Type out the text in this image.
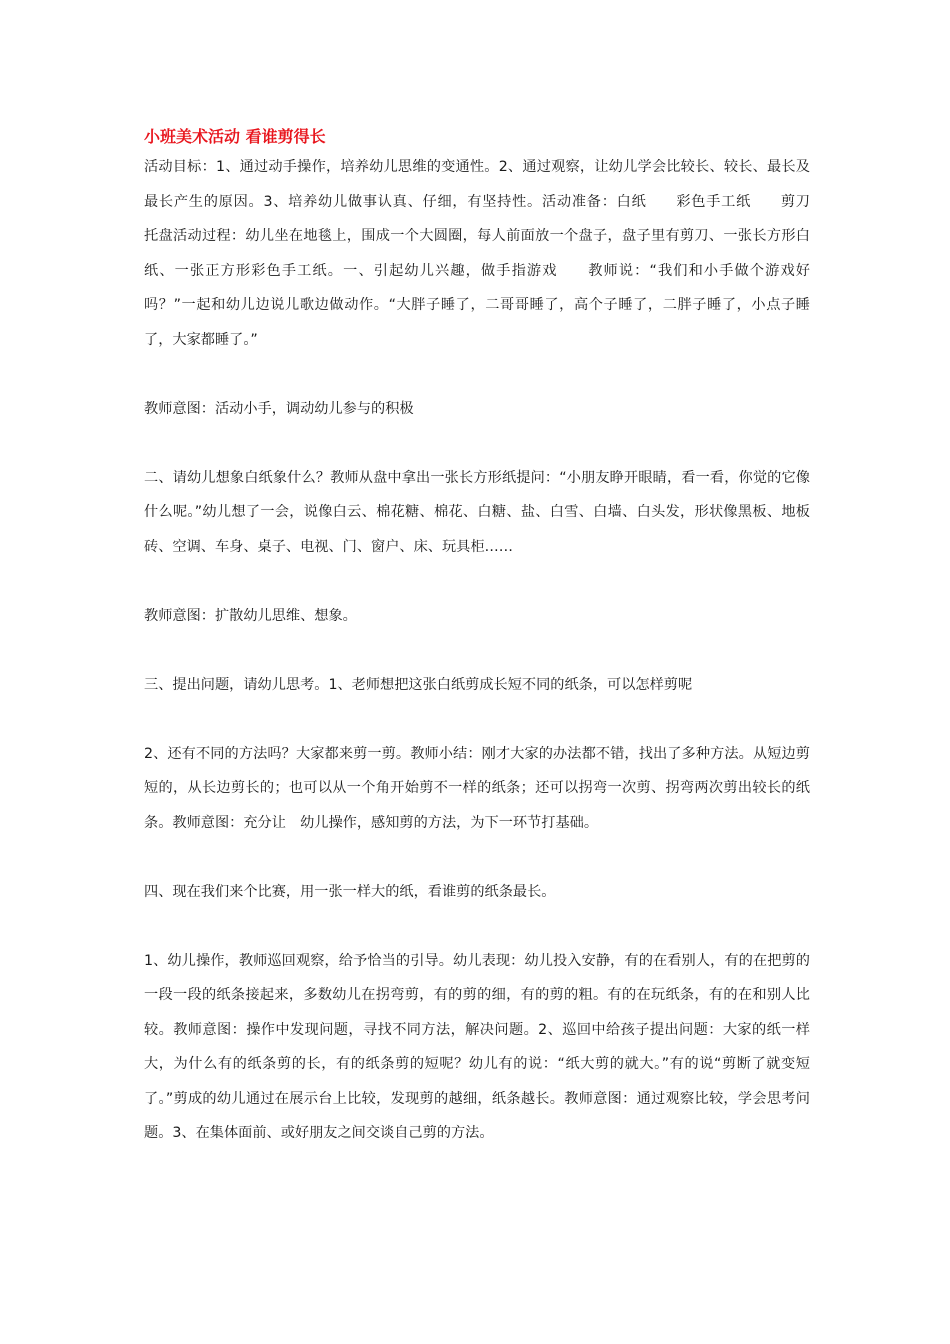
小班美术活动 看谁剪得长

活动目标：1、通过动手操作，培养幼儿思维的变通性。2、通过观察，让幼儿学会比较长、较长、最长及最长产生的原因。3、培养幼儿做事认真、仔细，有坚持性。活动准备：白纸　　彩色手工纸　　剪刀　　托盘活动过程：幼儿坐在地毯上，围成一个大圆圈，每人前面放一个盘子，盘子里有剪刀、一张长方形白纸、一张正方形彩色手工纸。一、引起幼儿兴趣，做手指游戏　　教师说：“我们和小手做个游戏好吗？”一起和幼儿边说儿歌边做动作。“大胖子睡了，二哥哥睡了，高个子睡了，二胖子睡了，小点子睡了，大家都睡了。”

教师意图：活动小手，调动幼儿参与的积极

二、请幼儿想象白纸象什么？教师从盘中拿出一张长方形纸提问：“小朋友睁开眼睛，看一看，你觉的它像什么呢。”幼儿想了一会，说像白云、棉花糖、棉花、白糖、盐、白雪、白墙、白头发，形状像黑板、地板砖、空调、车身、桌子、电视、门、窗户、床、玩具柜……

教师意图：扩散幼儿思维、想象。

三、提出问题，请幼儿思考。1、老师想把这张白纸剪成长短不同的纸条，可以怎样剪呢

2、还有不同的方法吗？大家都来剪一剪。教师小结：刚才大家的办法都不错，找出了多种方法。从短边剪短的，从长边剪长的；也可以从一个角开始剪不一样的纸条；还可以拐弯一次剪、拐弯两次剪出较长的纸条。教师意图：充分让　幼儿操作，感知剪的方法，为下一环节打基础。

四、现在我们来个比赛，用一张一样大的纸，看谁剪的纸条最长。

1、幼儿操作，教师巡回观察，给予恰当的引导。幼儿表现：幼儿投入安静，有的在看别人，有的在把剪的一段一段的纸条接起来，多数幼儿在拐弯剪，有的剪的细，有的剪的粗。有的在玩纸条，有的在和别人比较。教师意图：操作中发现问题，寻找不同方法，解决问题。2、巡回中给孩子提出问题：大家的纸一样大，为什么有的纸条剪的长，有的纸条剪的短呢？幼儿有的说：“纸大剪的就大。”有的说“剪断了就变短了。”剪成的幼儿通过在展示台上比较，发现剪的越细，纸条越长。教师意图：通过观察比较，学会思考问题。3、在集体面前、或好朋友之间交谈自己剪的方法。
